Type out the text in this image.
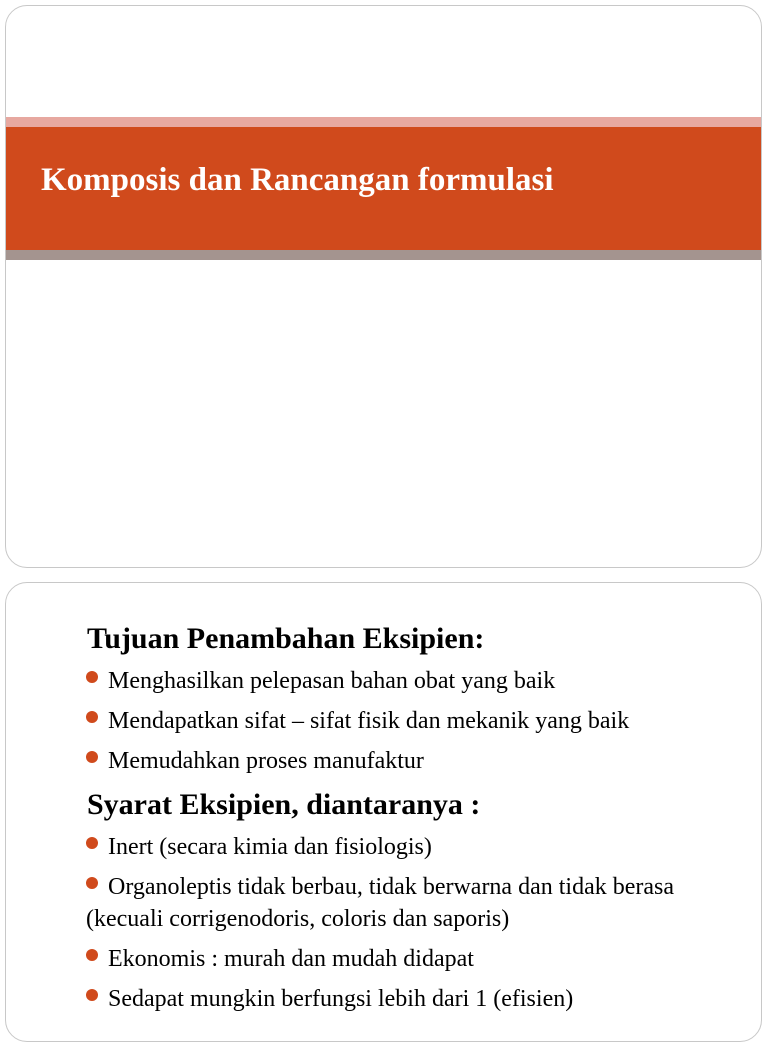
Komposis dan Rancangan formulasi
Tujuan Penambahan Eksipien:

Menghasilkan pelepasan bahan obat yang baik

Mendapatkan sifat – sifat fisik dan mekanik yang baik

Memudahkan proses manufaktur

Syarat Eksipien, diantaranya :

Inert (secara kimia dan fisiologis)

Organoleptis tidak berbau, tidak berwarna dan tidak berasa (kecuali corrigenodoris, coloris dan saporis)

Ekonomis : murah dan mudah didapat

Sedapat mungkin berfungsi lebih dari 1 (efisien)
